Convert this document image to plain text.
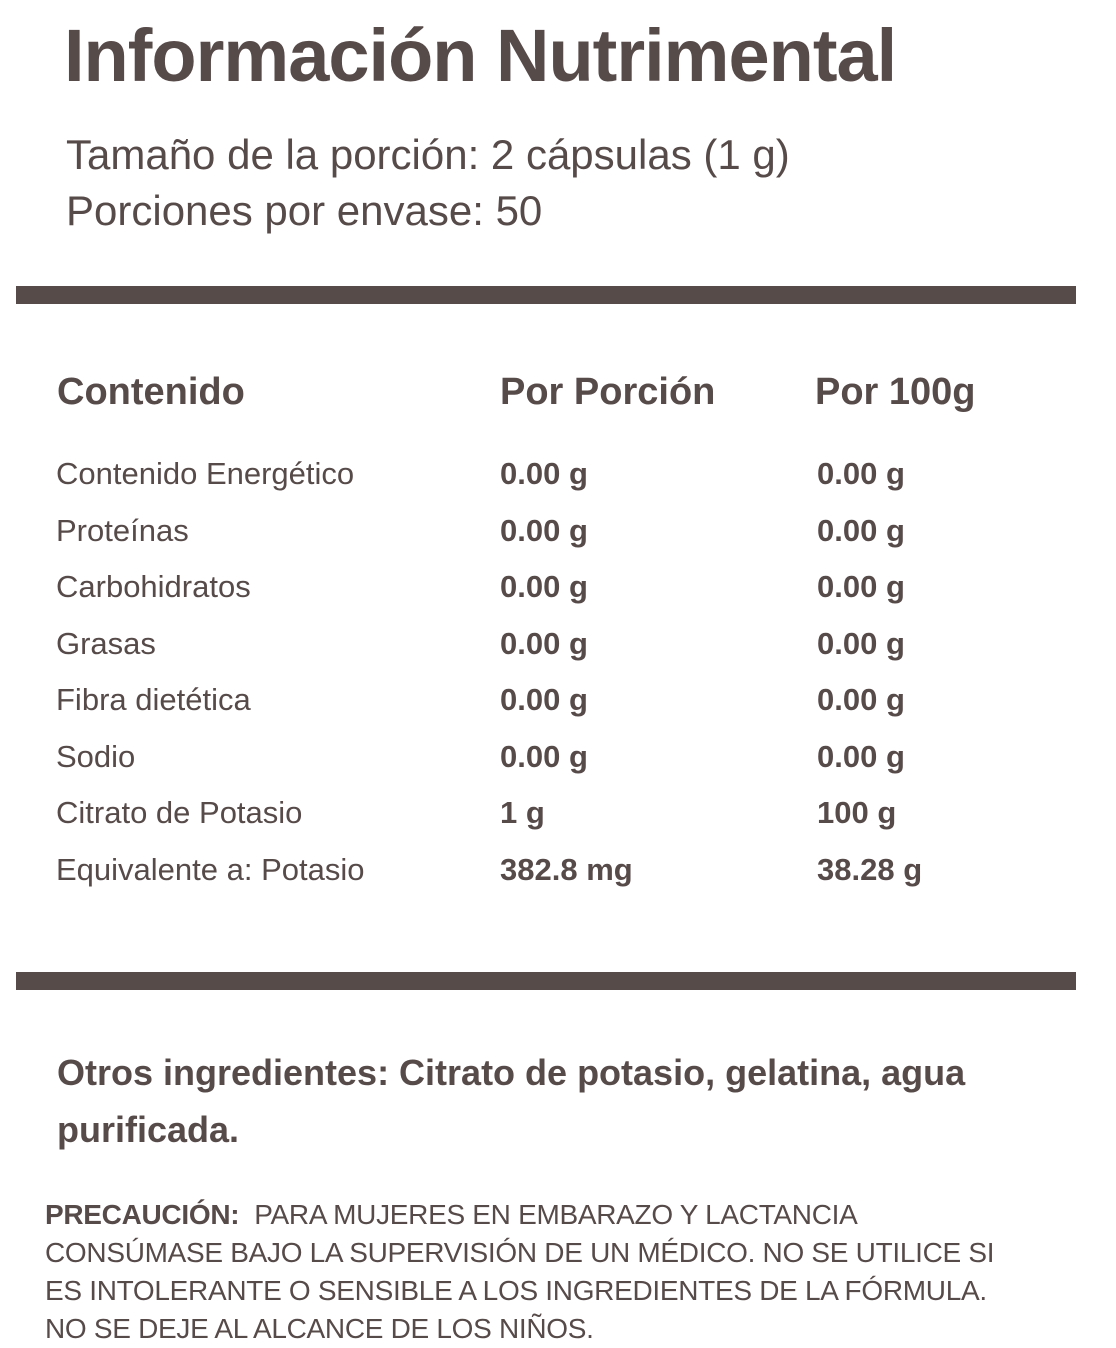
Información Nutrimental
Tamaño de la porción: 2 cápsulas (1 g)
Porciones por envase: 50
Contenido	Por Porción	Por 100g
Contenido Energético	0.00 g	0.00 g
Proteínas	0.00 g	0.00 g
Carbohidratos	0.00 g	0.00 g
Grasas	0.00 g	0.00 g
Fibra dietética	0.00 g	0.00 g
Sodio	0.00 g	0.00 g
Citrato de Potasio	1 g	100 g
Equivalente a: Potasio	382.8 mg	38.28 g
Otros ingredientes: Citrato de potasio, gelatina, agua purificada.
PRECAUCIÓN: PARA MUJERES EN EMBARAZO Y LACTANCIA
CONSÚMASE BAJO LA SUPERVISIÓN DE UN MÉDICO. NO SE UTILICE SI
ES INTOLERANTE O SENSIBLE A LOS INGREDIENTES DE LA FÓRMULA.
NO SE DEJE AL ALCANCE DE LOS NIÑOS.
